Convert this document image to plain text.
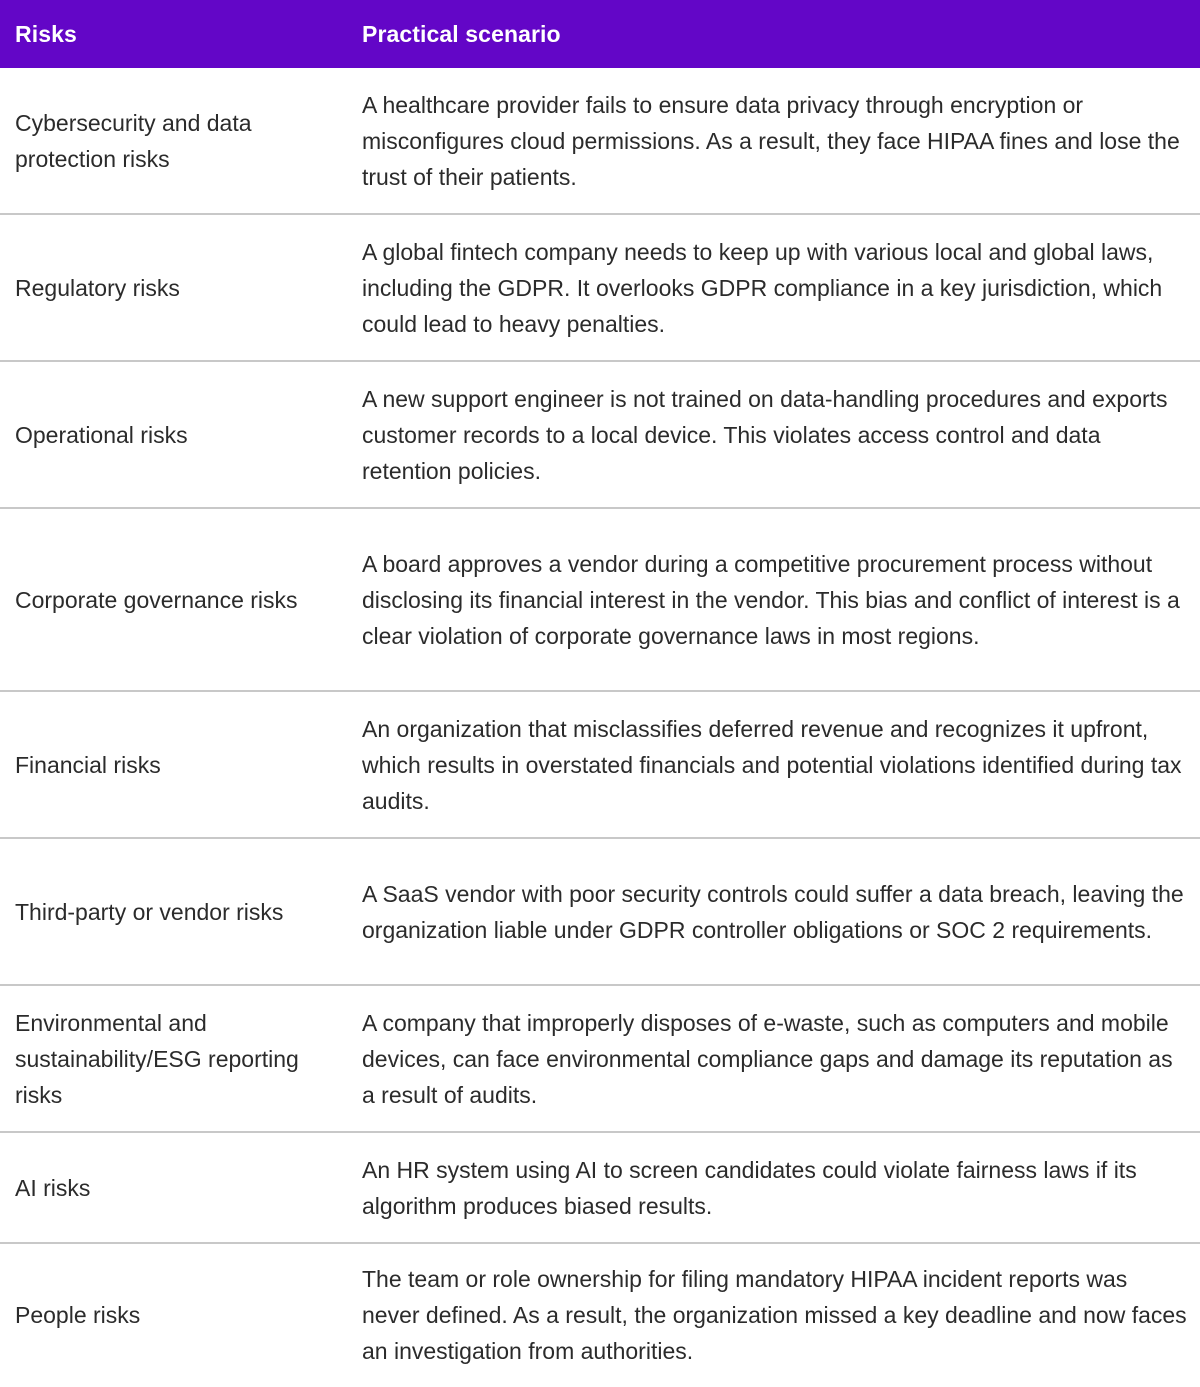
Risks	Practical scenario
Cybersecurity and data protection risks	A healthcare provider fails to ensure data privacy through encryption or misconfigures cloud permissions. As a result, they face HIPAA fines and lose the trust of their patients.
Regulatory risks	A global fintech company needs to keep up with various local and global laws, including the GDPR. It overlooks GDPR compliance in a key jurisdiction, which could lead to heavy penalties.
Operational risks	A new support engineer is not trained on data-handling procedures and exports customer records to a local device. This violates access control and data retention policies.
Corporate governance risks	A board approves a vendor during a competitive procurement process without disclosing its financial interest in the vendor. This bias and conflict of interest is a clear violation of corporate governance laws in most regions.
Financial risks	An organization that misclassifies deferred revenue and recognizes it upfront, which results in overstated financials and potential violations identified during tax audits.
Third-party or vendor risks	A SaaS vendor with poor security controls could suffer a data breach, leaving the organization liable under GDPR controller obligations or SOC 2 requirements.
Environmental and sustainability/ESG reporting risks	A company that improperly disposes of e-waste, such as computers and mobile devices, can face environmental compliance gaps and damage its reputation as a result of audits.
AI risks	An HR system using AI to screen candidates could violate fairness laws if its algorithm produces biased results.
People risks	The team or role ownership for filing mandatory HIPAA incident reports was never defined. As a result, the organization missed a key deadline and now faces an investigation from authorities.
